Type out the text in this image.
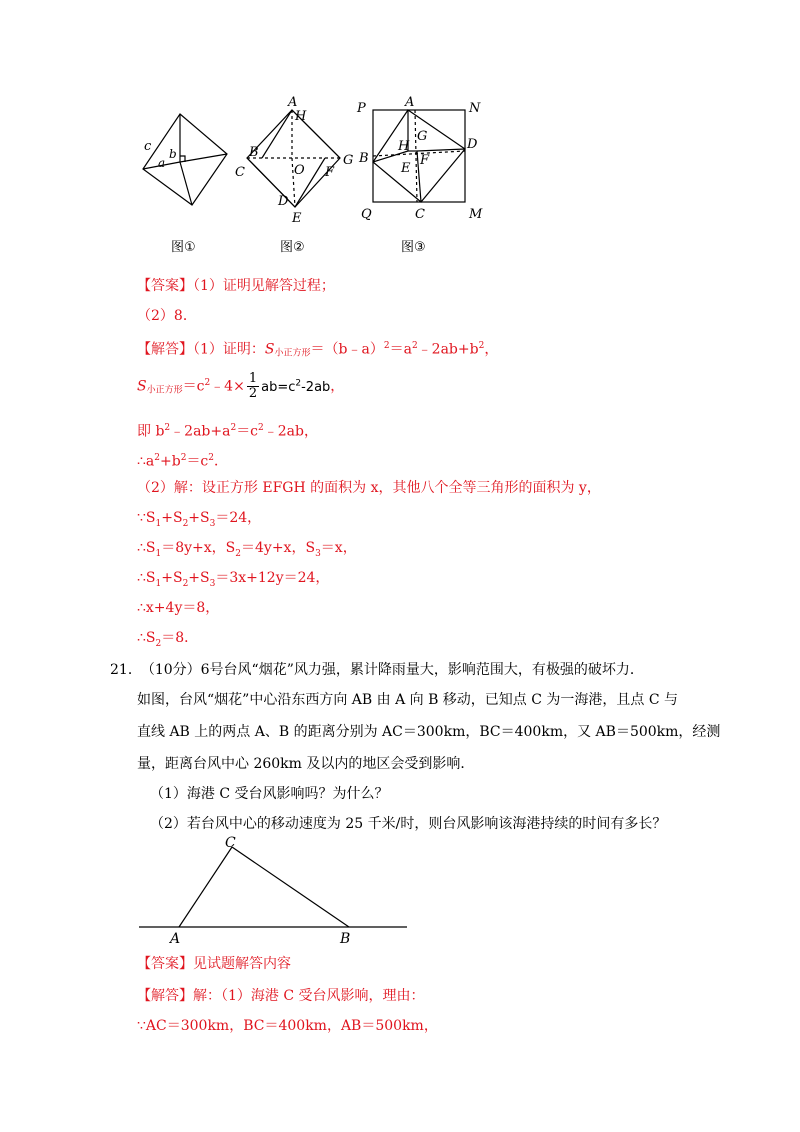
c
a
b
图①
A
H
B
C
G
O F
D
E
图②
P	A	N
G
H
B
D
F
E
Q	C	M
图③
【答案】（1）证明见解答过程；
（2）8．
【解答】（1）证明：S小正方形$=(b﹣a)^2=a^2﹣2ab+b^2$，
S小正方形$=c^2﹣4\times \frac{1}{2} ab=c^2-2ab$，
即 $b^2﹣2ab+a^2=c^2﹣2ab$，
$\therefore a^2+b^2=c^2$．
（2）解：设正方形 EFGH 的面积为 x，其他八个全等三角形的面积为 y，
$\because S_1+S_2+S_3=24$，
$\therefore S_1=8y+x$，$S_2=4y+x$，$S_3=x$，
$\therefore S_1+S_2+S_3=3x+12y=24$，
∴x+4y＝8，
$\therefore S_2=8$．
21． （10分）6号台风“烟花”风力强，累计降雨量大，影响范围大，有极强的破坏力．
如图，台风“烟花”中心沿东西方向 AB 由 A 向 B 移动，已知点 C 为一海港，且点 C 与
直线 AB 上的两点 A、B 的距离分别为 AC＝300km，BC＝400km，又 AB＝500km，经测
量，距离台风中心 260km 及以内的地区会受到影响．
（1）海港 C 受台风影响吗？为什么？
（2）若台风中心的移动速度为 25 千米/时，则台风影响该海港持续的时间有多长？
C
A	B
【答案】见试题解答内容
【解答】解：（1）海港 C 受台风影响，理由：
∵AC＝300km，BC＝400km，AB＝500km，
